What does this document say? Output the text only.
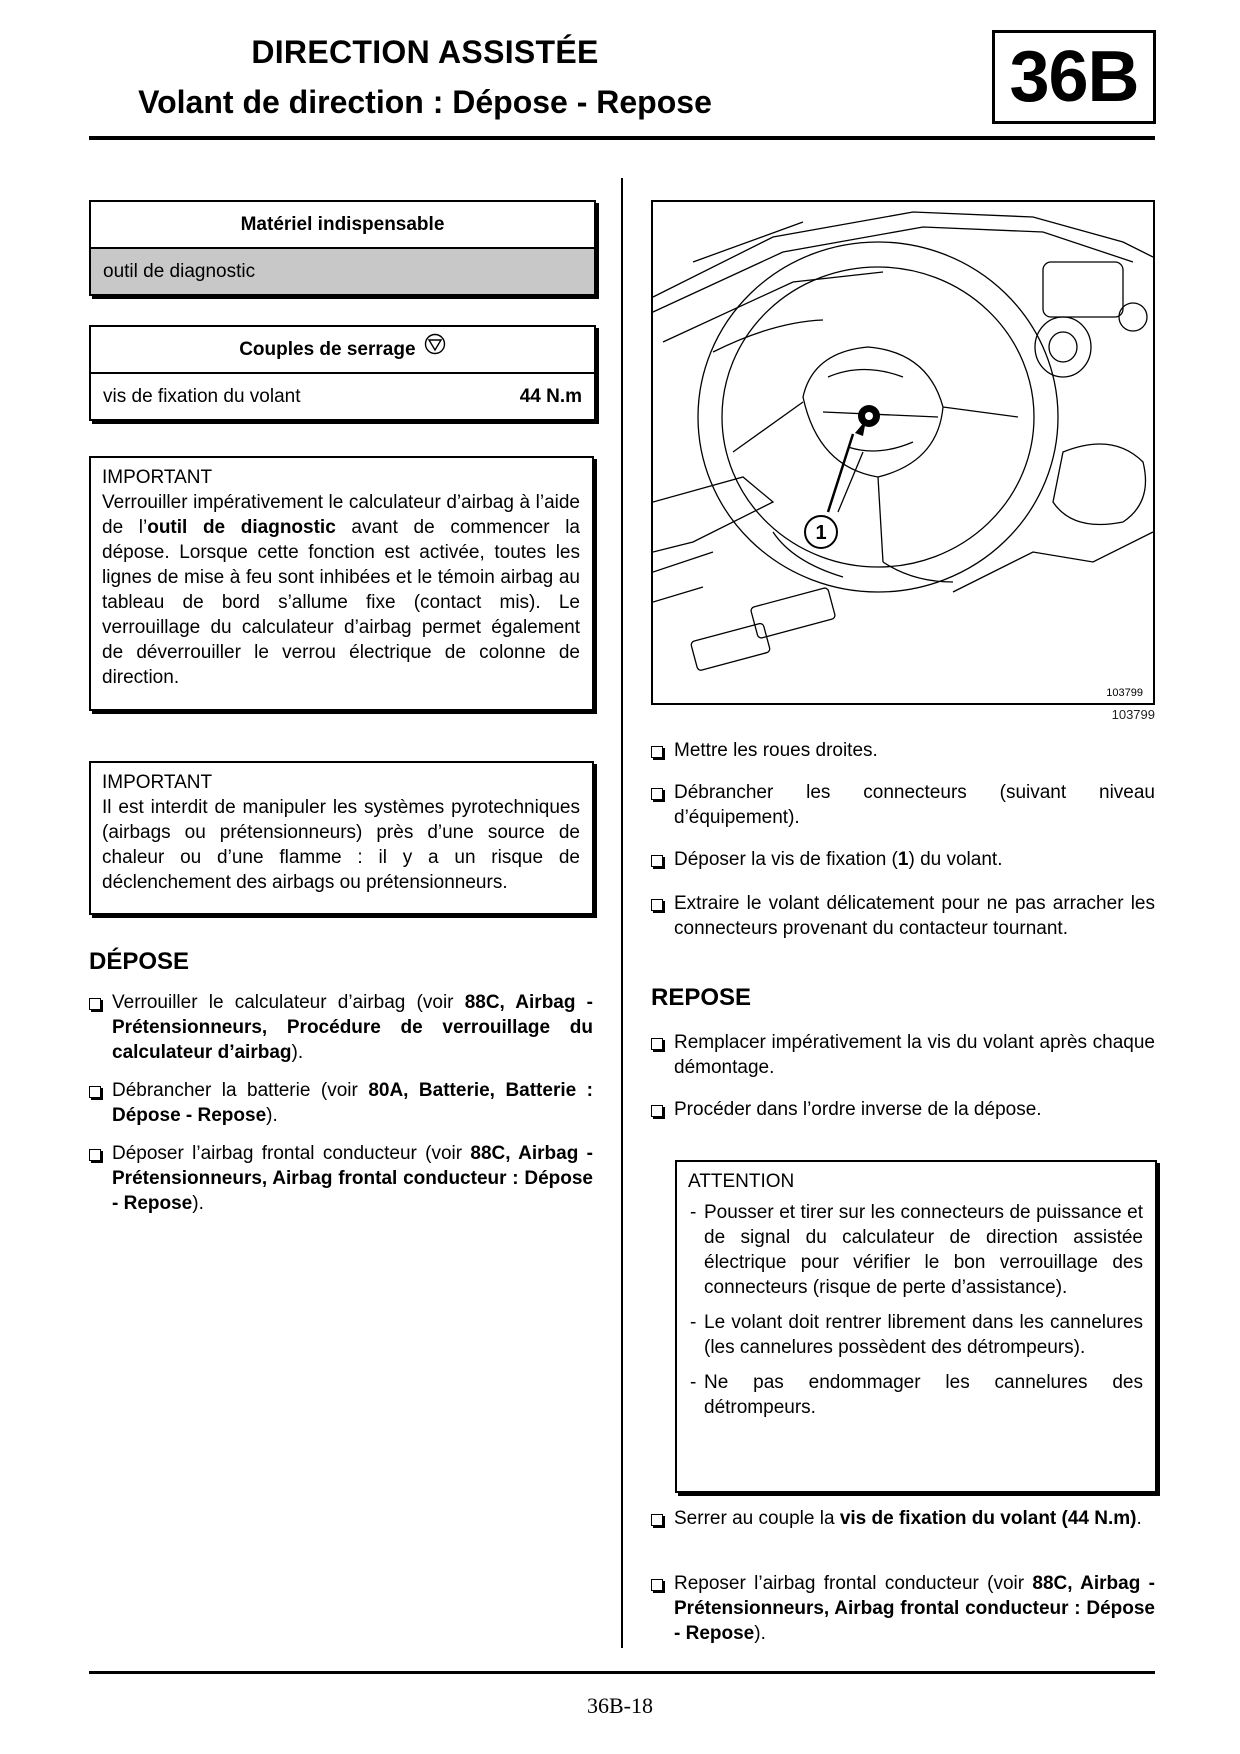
DIRECTION ASSISTÉE
Volant de direction : Dépose - Repose	36B
Matériel indispensable
outil de diagnostic
Couples de serrage
vis de fixation du volant	44 N.m
IMPORTANT
Verrouiller impérativement le calculateur d’airbag à l’aide de l’outil de diagnostic avant de commencer la dépose. Lorsque cette fonction est activée, toutes les lignes de mise à feu sont inhibées et le témoin airbag au tableau de bord s’allume fixe (contact mis). Le verrouillage du calculateur d’airbag permet également de déverrouiller le verrou électrique de colonne de direction.
IMPORTANT
Il est interdit de manipuler les systèmes pyrotechniques (airbags ou prétensionneurs) près d’une source de chaleur ou d’une flamme : il y a un risque de déclenchement des airbags ou prétensionneurs.
DÉPOSE
Verrouiller le calculateur d’airbag (voir 88C, Airbag - Prétensionneurs, Procédure de verrouillage du calculateur d’airbag).
Débrancher la batterie (voir 80A, Batterie, Batterie : Dépose - Repose).
Déposer l’airbag frontal conducteur (voir 88C, Airbag - Prétensionneurs, Airbag frontal conducteur : Dépose - Repose).
1
103799
103799
Mettre les roues droites.
Débrancher les connecteurs (suivant niveau d’équipement).
Déposer la vis de fixation (1) du volant.
Extraire le volant délicatement pour ne pas arracher les connecteurs provenant du contacteur tournant.
REPOSE
Remplacer impérativement la vis du volant après chaque démontage.
Procéder dans l’ordre inverse de la dépose.
ATTENTION
- Pousser et tirer sur les connecteurs de puissance et de signal du calculateur de direction assistée électrique pour vérifier le bon verrouillage des connecteurs (risque de perte d’assistance).
- Le volant doit rentrer librement dans les cannelures (les cannelures possèdent des détrompeurs).
- Ne pas endommager les cannelures des détrompeurs.
Serrer au couple la vis de fixation du volant (44 N.m).
Reposer l’airbag frontal conducteur (voir 88C, Airbag - Prétensionneurs, Airbag frontal conducteur : Dépose - Repose).
36B-18
